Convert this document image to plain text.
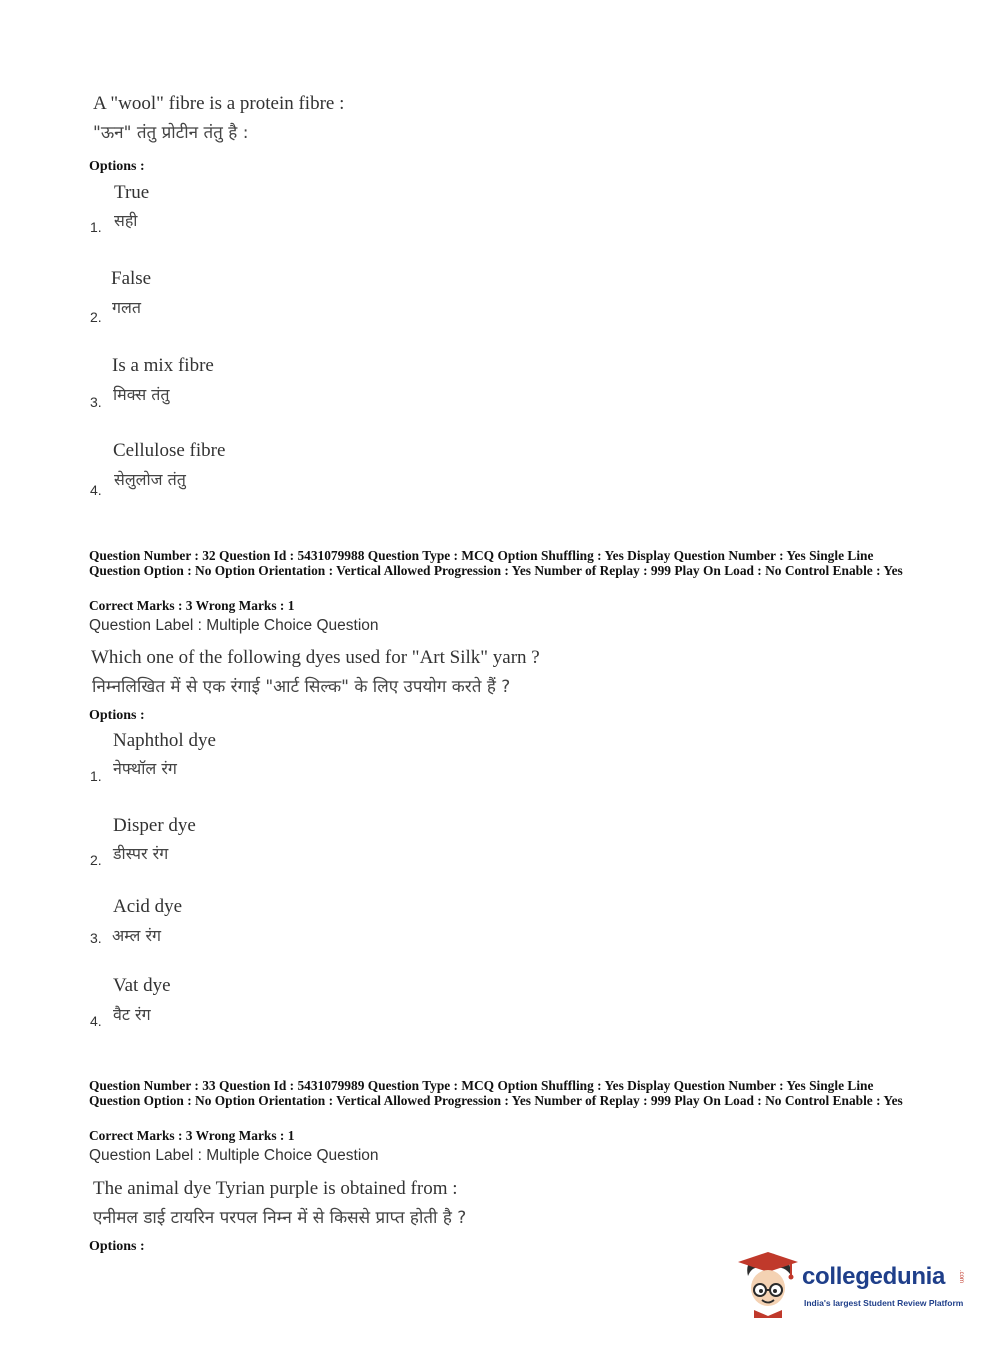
A "wool" fibre is a protein fibre :
"ऊन" तंतु प्रोटीन तंतु है :
Options :
True
सही
1.
False
गलत
2.
Is a mix fibre
मिक्स तंतु
3.
Cellulose fibre
सेलुलोज तंतु
4.
Question Number : 32 Question Id : 5431079988 Question Type : MCQ Option Shuffling : Yes Display Question Number : Yes Single Line Question Option : No Option Orientation : Vertical Allowed Progression : Yes Number of Replay : 999 Play On Load : No Control Enable : Yes
Correct Marks : 3 Wrong Marks : 1
Question Label : Multiple Choice Question
Which one of the following dyes used for "Art Silk" yarn ?
निम्नलिखित में से एक रंगाई "आर्ट सिल्क" के लिए उपयोग करते हैं ?
Options :
Naphthol dye
नेफ्थॉल रंग
1.
Disper dye
डीस्पर रंग
2.
Acid dye
अम्ल रंग
3.
Vat dye
वैट रंग
4.
Question Number : 33 Question Id : 5431079989 Question Type : MCQ Option Shuffling : Yes Display Question Number : Yes Single Line Question Option : No Option Orientation : Vertical Allowed Progression : Yes Number of Replay : 999 Play On Load : No Control Enable : Yes
Correct Marks : 3 Wrong Marks : 1
Question Label : Multiple Choice Question
The animal dye Tyrian purple is obtained from :
एनीमल डाई टायरिन परपल निम्न में से किससे प्राप्त होती है ?
Options :
collegedunia .com
India's largest Student Review Platform
